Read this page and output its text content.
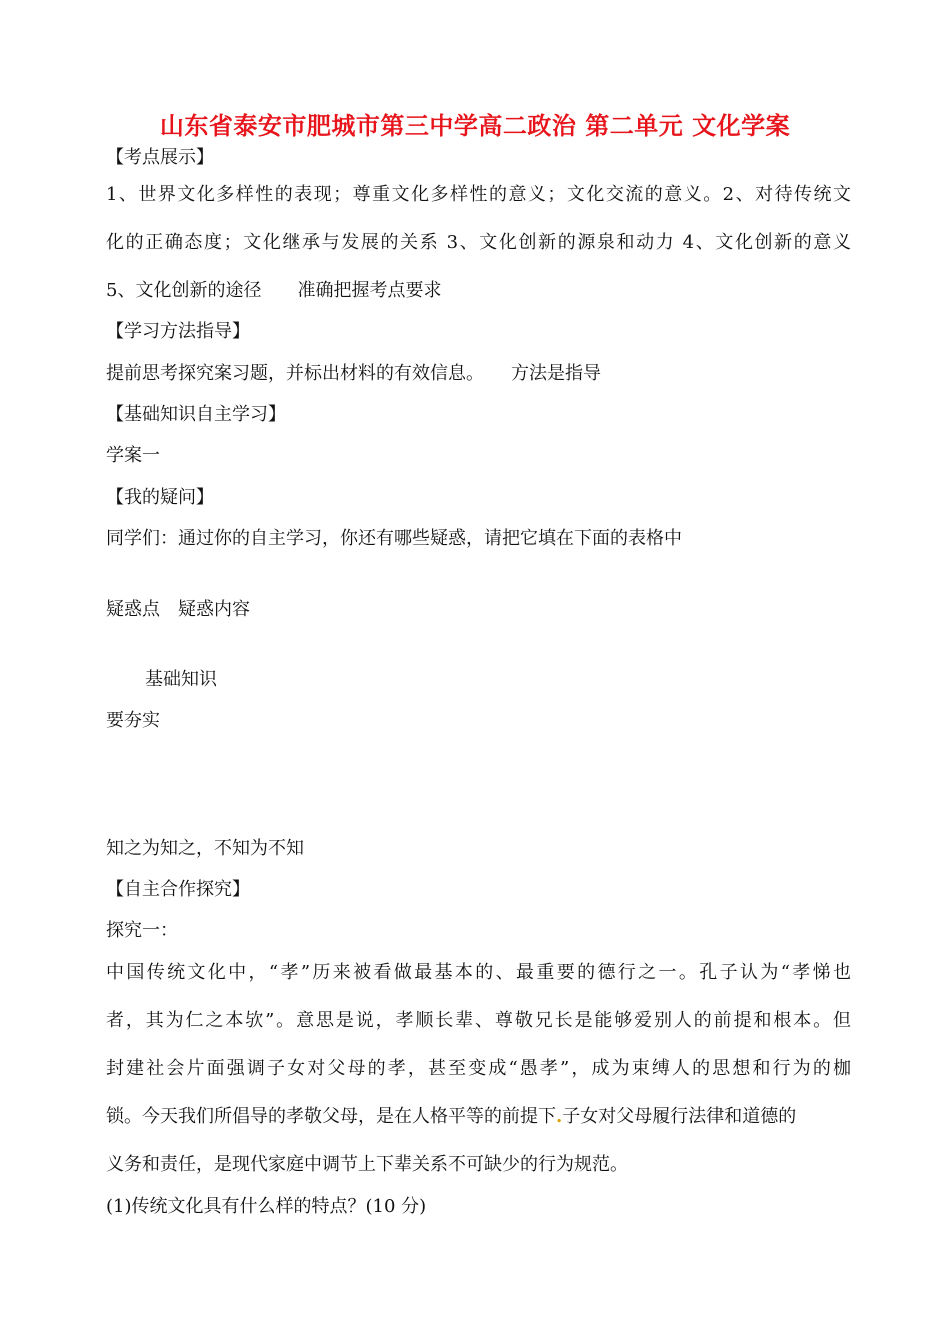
山东省泰安市肥城市第三中学高二政治 第二单元 文化学案
【考点展示】
1、世界文化多样性的表现；尊重文化多样性的意义；文化交流的意义。2、对待传统文
化的正确态度；文化继承与发展的关系 3、文化创新的源泉和动力 4、文化创新的意义
5、文化创新的途径　　准确把握考点要求
【学习方法指导】
提前思考探究案习题，并标出材料的有效信息。　　方法是指导
【基础知识自主学习】
学案一
【我的疑问】
同学们：通过你的自主学习，你还有哪些疑惑，请把它填在下面的表格中
疑惑点　疑惑内容
基础知识
要夯实
知之为知之，不知为不知
【自主合作探究】
探究一：
中国传统文化中，“孝”历来被看做最基本的、最重要的德行之一。孔子认为“孝悌也
者，其为仁之本欤”。意思是说，孝顺长辈、尊敬兄长是能够爱别人的前提和根本。但
封建社会片面强调子女对父母的孝，甚至变成“愚孝”，成为束缚人的思想和行为的枷
锁。今天我们所倡导的孝敬父母，是在人格平等的前提下.子女对父母履行法律和道德的
义务和责任，是现代家庭中调节上下辈关系不可缺少的行为规范。
(1)传统文化具有什么样的特点？(10 分)
